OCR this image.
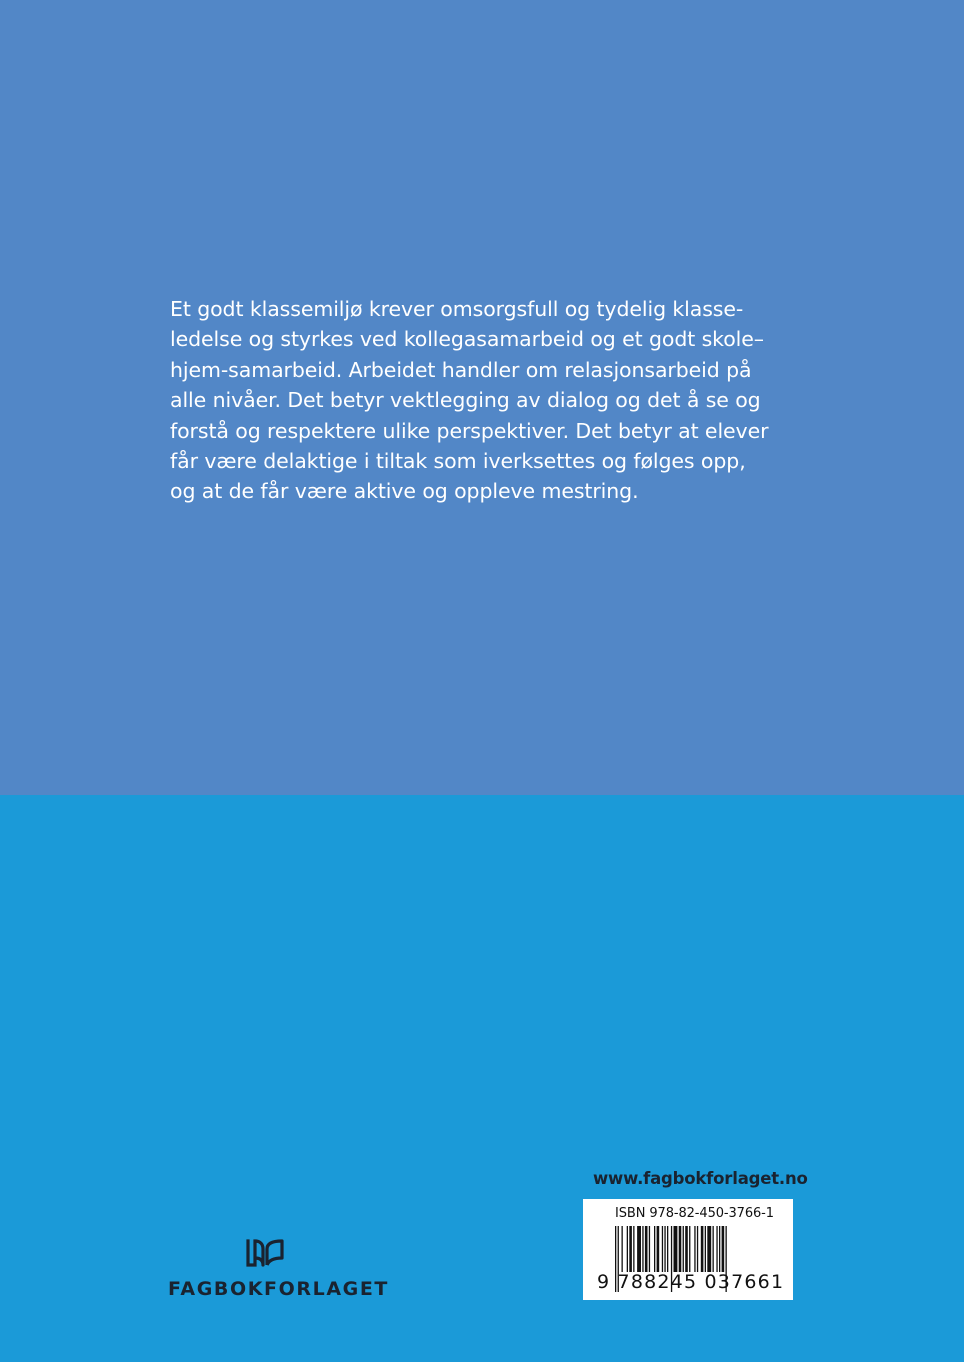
Et godt klassemiljø krever omsorgsfull og tydelig klasse-
ledelse og styrkes ved kollegasamarbeid og et godt skole–
hjem-samarbeid. Arbeidet handler om relasjonsarbeid på
alle nivåer. Det betyr vektlegging av dialog og det å se og
forstå og respektere ulike perspektiver. Det betyr at elever
får være delaktige i tiltak som iverksettes og følges opp,
og at de får være aktive og oppleve mestring.
www.fagbokforlaget.no
ISBN 978-82-450-3766-1
9 788245 037661
FAGBOKFORLAGET
